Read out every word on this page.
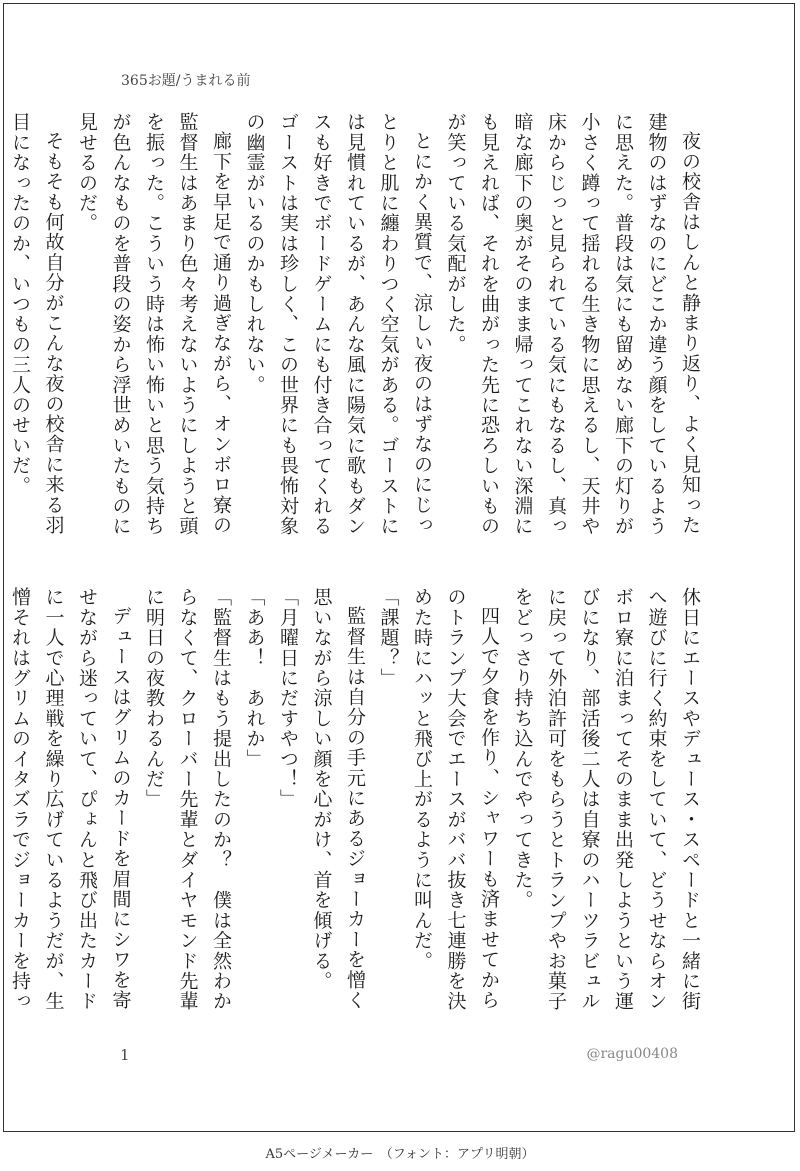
365お題/うまれる前

夜の校舎はしんと静まり返り、よく見知った建物のはずなのにどこか違う顔をしているように思えた。普段は気にも留めない廊下の灯りが小さく蹲って揺れる生き物に思えるし、天井や床からじっと見られている気にもなるし、真っ暗な廊下の奥がそのまま帰ってこれない深淵にも見えれば、それを曲がった先に恐ろしいものが笑っている気配がした。

とにかく異質で、涼しい夜のはずなのにじっとりと肌に纏わりつく空気がある。ゴーストには見慣れているが、あんな風に陽気に歌もダンスも好きでボードゲームにも付き合ってくれるゴーストは実は珍しく、この世界にも畏怖対象の幽霊がいるのかもしれない。

廊下を早足で通り過ぎながら、オンボロ寮の監督生はあまり色々考えないようにしようと頭を振った。こういう時は怖い怖いと思う気持ちが色んなものを普段の姿から浮世めいたものに見せるのだ。

そもそも何故自分がこんな夜の校舎に来る羽目になったのか、いつもの三人のせいだ。

休日にエースやデュース・スペードと一緒に街へ遊びに行く約束をしていて、どうせならオンボロ寮に泊まってそのまま出発しようという運びになり、部活後二人は自寮のハーツラビュルに戻って外泊許可をもらうとトランプやお菓子をどっさり持ち込んでやってきた。

四人で夕食を作り、シャワーも済ませてからのトランプ大会でエースがババ抜き七連勝を決めた時にハッと飛び上がるように叫んだ。

「課題？」

監督生は自分の手元にあるジョーカーを憎く思いながら涼しい顔を心がけ、首を傾げる。

「月曜日にだすやつ！」

「ああ！　あれか」

「監督生はもう提出したのか？　僕は全然わからなくて、クローバー先輩とダイヤモンド先輩に明日の夜教わるんだ」

デュースはグリムのカードを眉間にシワを寄せながら迷っていて、ぴょんと飛び出たカードに一人で心理戦を繰り広げているようだが、生憎それはグリムのイタズラでジョーカーを持っ

1	@ragu00408
A5ページメーカー　（フォント：アプリ明朝）
